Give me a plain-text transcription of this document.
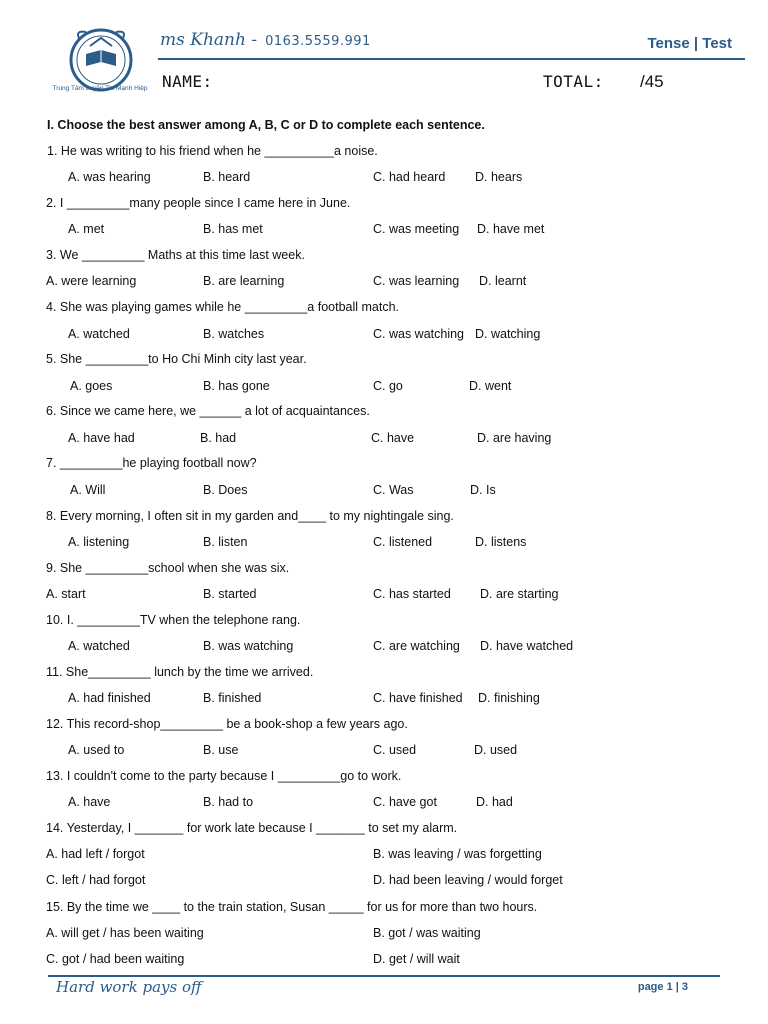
Trung Tâm Luyện Thi Mạnh Hiệp
ms Khanh - 0163.5559.991	Tense | Test
NAME:	TOTAL: /45
I. Choose the best answer among A, B, C or D to complete each sentence.
1. He was writing to his friend when he __________a noise.
A. was hearing	B. heard	C. had heard D. hears
2. I _________many people since I came here in June.
A. met	B. has met	C. was meeting D. have met
3. We _________ Maths at this time last week.
A. were learning	B. are learning	C. was learning D. learnt
4. She was playing games while he _________a football match.
A. watched	B. watches	C. was watching D. watching
5. She _________to Ho Chi Minh city last year.
A. goes	B. has gone	C. go	D. went
6. Since we came here, we ______ a lot of acquaintances.
A. have had	B. had	C. have	D. are having
7. _________he playing football now?
A. Will	B. Does	C. Was	D. Is
8. Every morning, I often sit in my garden and____ to my nightingale sing.
A. listening	B. listen	C. listened	D. listens
9. She _________school when she was six.
A. start	B. started	C. has started D. are starting
10. I. _________TV when the telephone rang.
A. watched	B. was watching	C. are watching D. have watched
11. She_________ lunch by the time we arrived.
A. had finished	B. finished	C. have finished D. finishing
12. This record-shop_________ be a book-shop a few years ago.
A. used to	B. use	C. used	D. used
13. I couldn't come to the party because I _________go to work.
A. have	B. had to	C. have got	D. had
14. Yesterday, I _______ for work late because I _______ to set my alarm.
A. had left / forgot	B. was leaving / was forgetting
C. left / had forgot	D. had been leaving / would forget
15. By the time we ____ to the train station, Susan _____ for us for more than two hours.
A. will get / has been waiting	B. got / was waiting
C. got / had been waiting	D. get / will wait
Hard work pays off	page 1 | 3
